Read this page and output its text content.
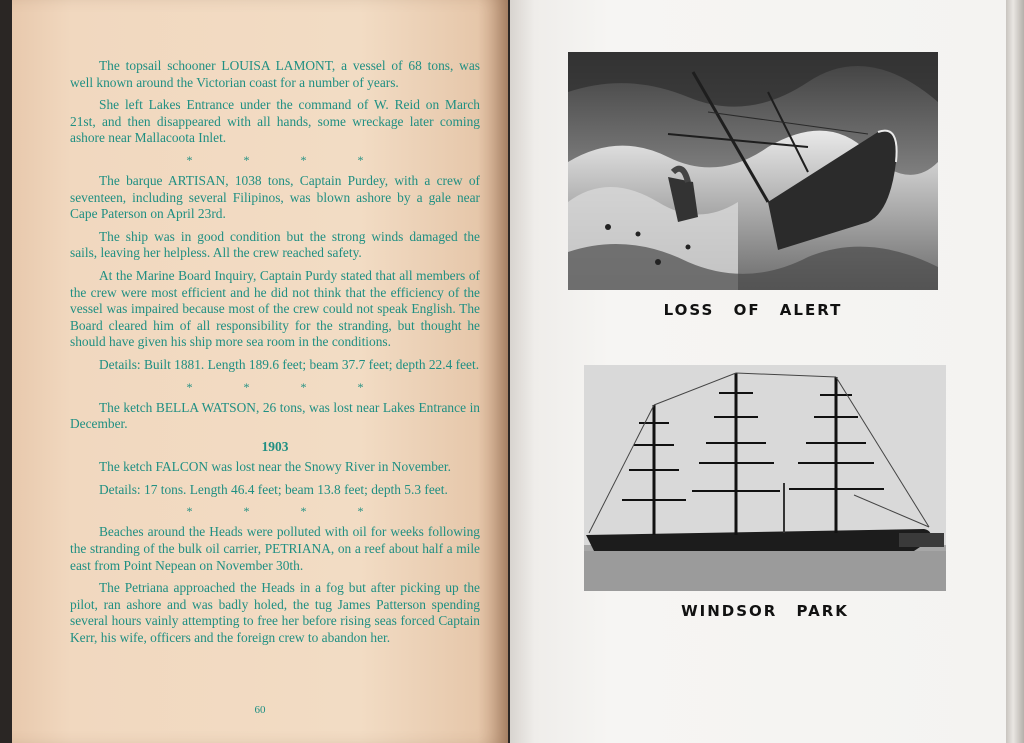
The topsail schooner LOUISA LAMONT, a vessel of 68 tons, was well known around the Victorian coast for a number of years.

She left Lakes Entrance under the command of W. Reid on March 21st, and then disappeared with all hands, some wreckage later coming ashore near Mallacoota Inlet.

* * * *

The barque ARTISAN, 1038 tons, Captain Purdey, with a crew of seventeen, including several Filipinos, was blown ashore by a gale near Cape Paterson on April 23rd.

The ship was in good condition but the strong winds damaged the sails, leaving her helpless. All the crew reached safety.

At the Marine Board Inquiry, Captain Purdy stated that all members of the crew were most efficient and he did not think that the efficiency of the vessel was impaired because most of the crew could not speak English. The Board cleared him of all responsibility for the stranding, but thought he should have given his ship more sea room in the conditions.

Details: Built 1881. Length 189.6 feet; beam 37.7 feet; depth 22.4 feet.

* * * *

The ketch BELLA WATSON, 26 tons, was lost near Lakes Entrance in December.

1903

The ketch FALCON was lost near the Snowy River in November.

Details: 17 tons. Length 46.4 feet; beam 13.8 feet; depth 5.3 feet.

* * * *

Beaches around the Heads were polluted with oil for weeks following the stranding of the bulk oil carrier, PETRIANA, on a reef about half a mile east from Point Nepean on November 30th.

The Petriana approached the Heads in a fog but after picking up the pilot, ran ashore and was badly holed, the tug James Patterson spending several hours vainly attempting to free her before rising seas forced Captain Kerr, his wife, officers and the foreign crew to abandon her.

60
LOSS OF ALERT
WINDSOR PARK
